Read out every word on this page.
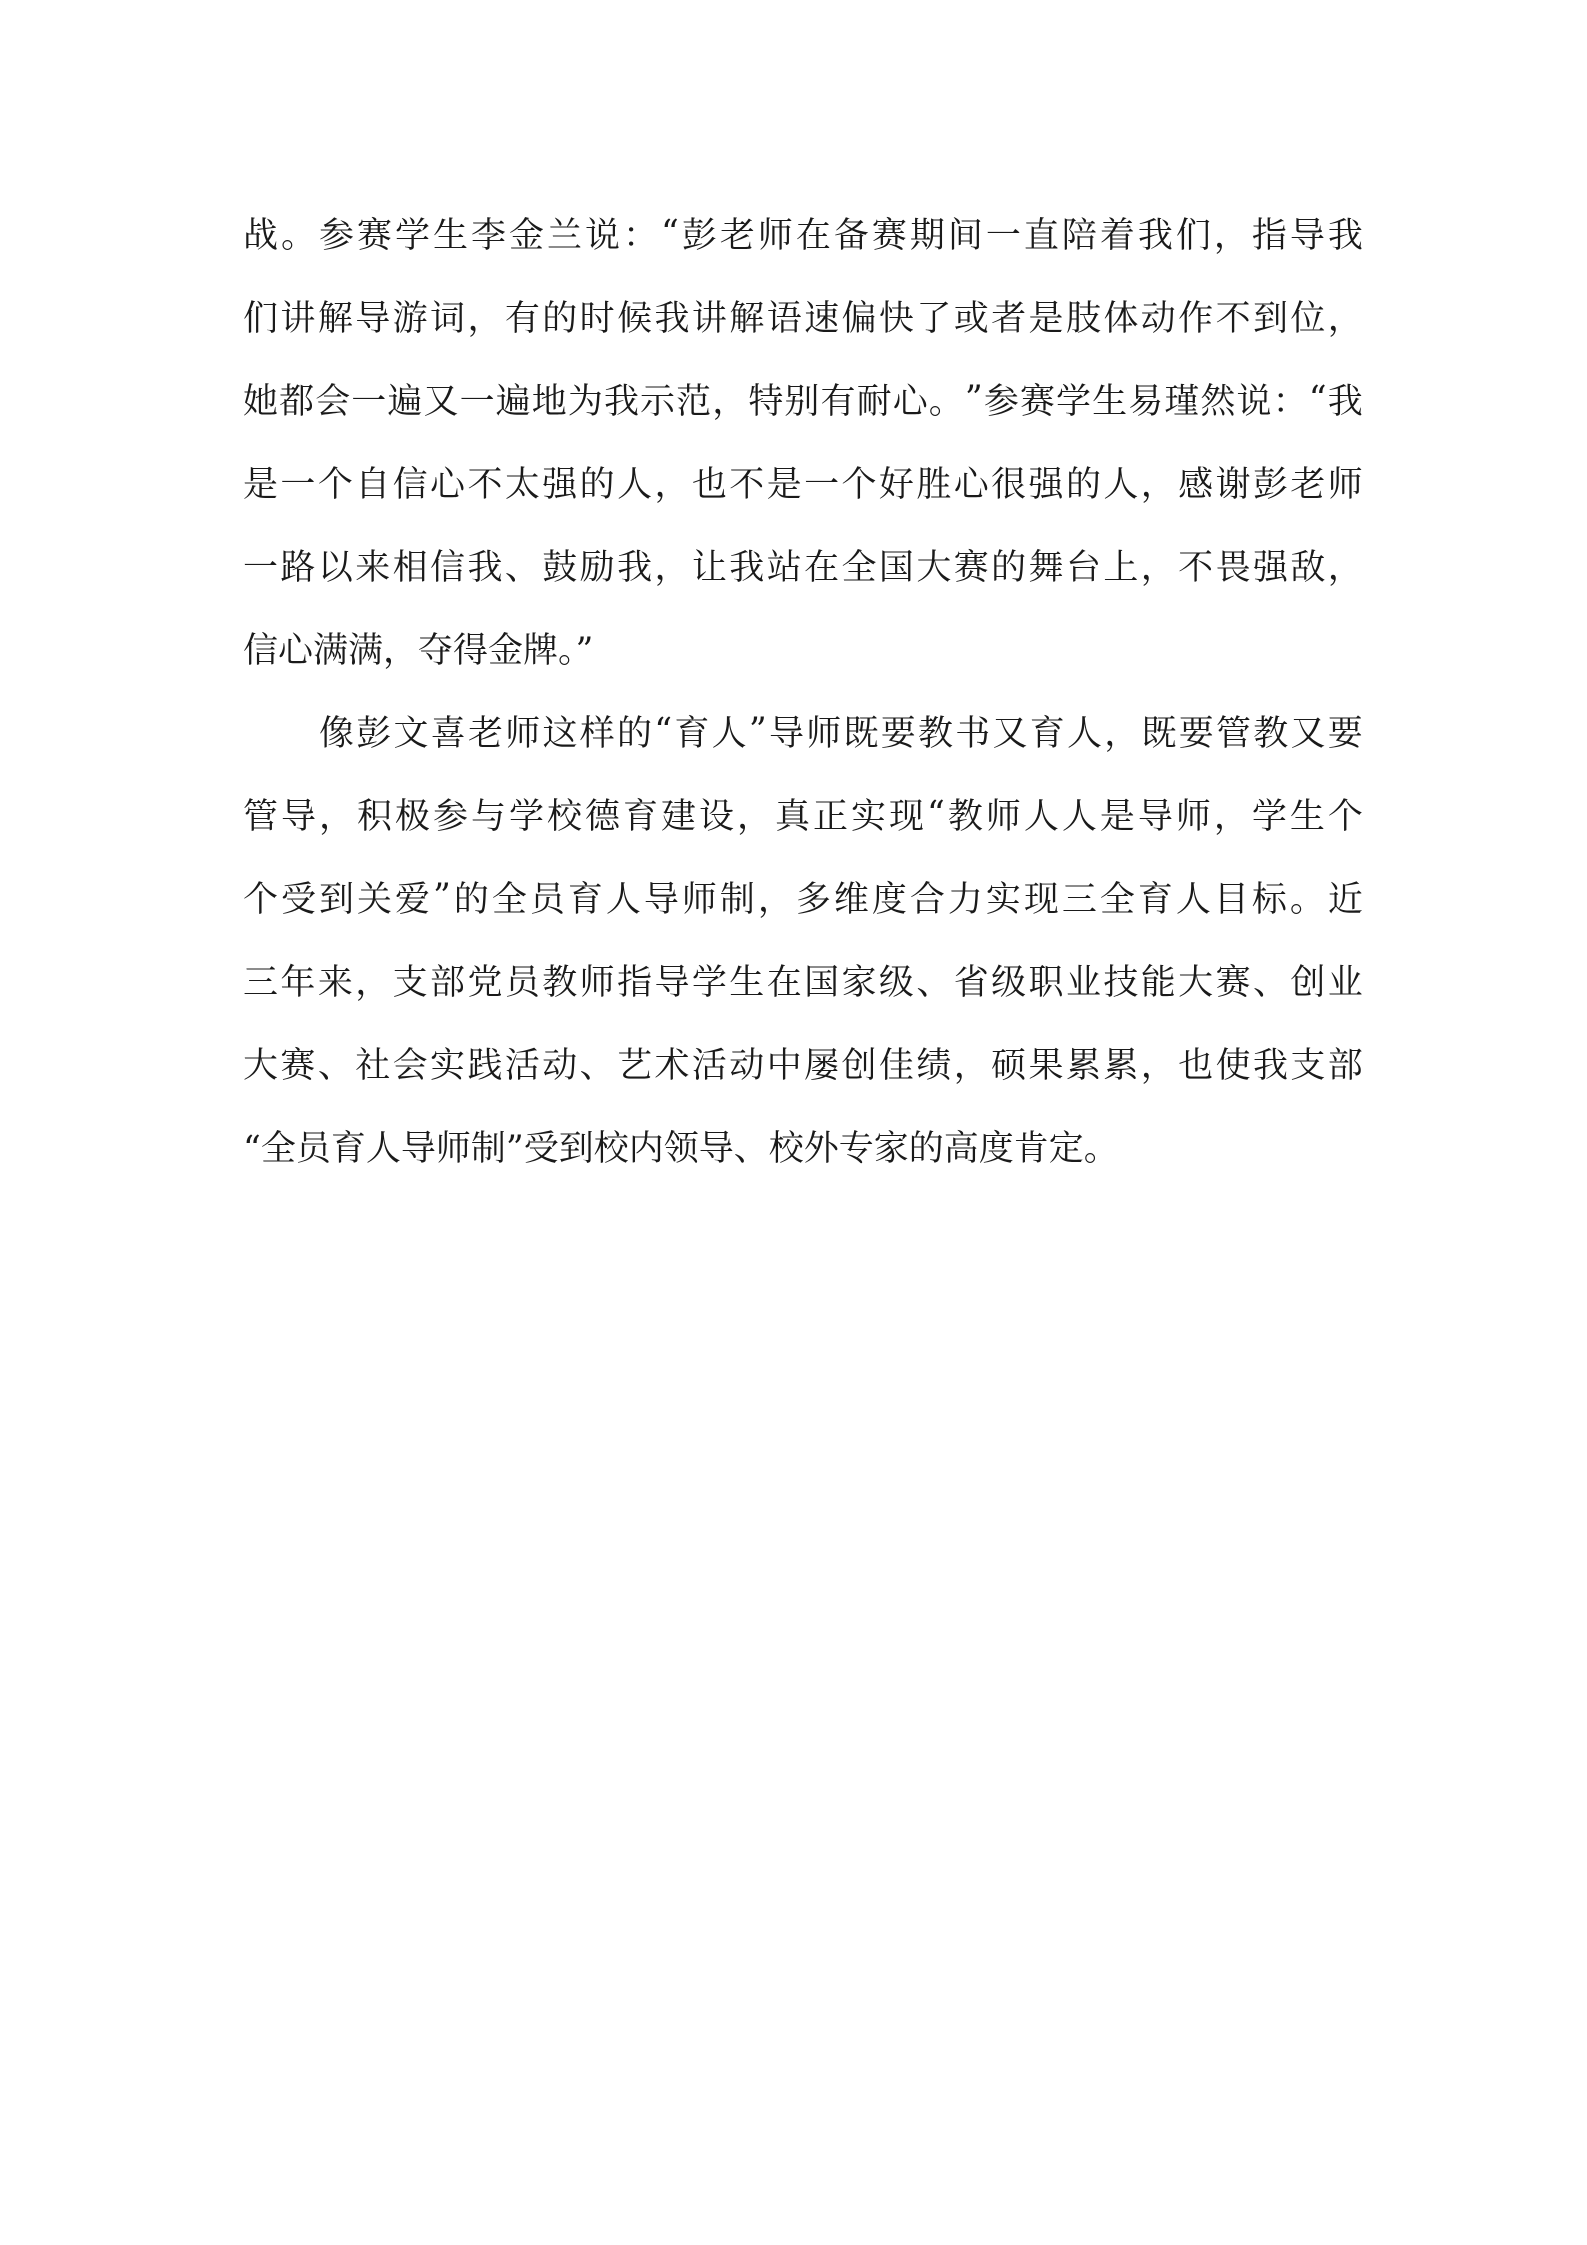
战 。 参 赛 学 生 李 金 兰 说 ： “ 彭 老 师 在 备 赛 期 间 一 直 陪 着 我 们 ， 指 导 我
们 讲 解 导 游 词 ， 有 的 时 候 我 讲 解 语 速 偏 快 了 或 者 是 肢 体 动 作 不 到 位 ，
她 都 会 一 遍 又 一 遍 地 为 我 示 范 ， 特 别 有 耐 心 。 ” 参 赛 学 生 易 瑾 然 说 ： “ 我
是 一 个 自 信 心 不 太 强 的 人 ， 也 不 是 一 个 好 胜 心 很 强 的 人 ， 感 谢 彭 老 师
一 路 以 来 相 信 我 、 鼓 励 我 ， 让 我 站 在 全 国 大 赛 的 舞 台 上 ， 不 畏 强 敌 ，
信心满满，夺得金牌。”
像 彭 文 喜 老 师 这 样 的 “ 育 人 ” 导 师 既 要 教 书 又 育 人 ， 既 要 管 教 又 要
管 导 ， 积 极 参 与 学 校 德 育 建 设 ， 真 正 实 现 “ 教 师 人 人 是 导 师 ， 学 生 个
个 受 到 关 爱 ” 的 全 员 育 人 导 师 制 ， 多 维 度 合 力 实 现 三 全 育 人 目 标 。 近
三 年 来 ， 支 部 党 员 教 师 指 导 学 生 在 国 家 级 、 省 级 职 业 技 能 大 赛 、 创 业
大 赛 、 社 会 实 践 活 动 、 艺 术 活 动 中 屡 创 佳 绩 ， 硕 果 累 累 ， 也 使 我 支 部
“全员育人导师制”受到校内领导、校外专家的高度肯定。
